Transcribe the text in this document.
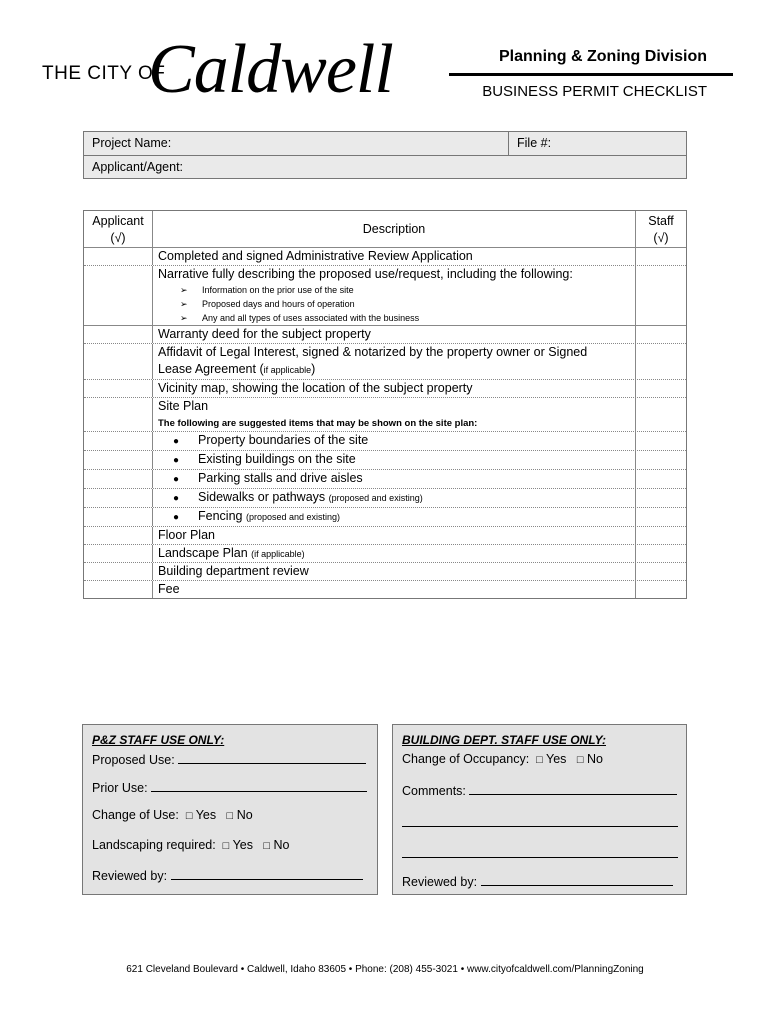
THE CITY OF
Caldwell	Planning & Zoning Division
BUSINESS PERMIT CHECKLIST
Project Name:	File #:
Applicant/Agent:
Applicant
(√)
Description
Staff
(√)
Completed and signed Administrative Review Application
Narrative fully describing the proposed use/request, including the following:
➢ Information on the prior use of the site
➢ Proposed days and hours of operation
➢ Any and all types of uses associated with the business
Warranty deed for the subject property
Affidavit of Legal Interest, signed & notarized by the property owner or Signed
Lease Agreement (if applicable)
Vicinity map, showing the location of the subject property
Site Plan
The following are suggested items that may be shown on the site plan:
● Property boundaries of the site
● Existing buildings on the site
● Parking stalls and drive aisles
● Sidewalks or pathways (proposed and existing)
● Fencing (proposed and existing)
Floor Plan
Landscape Plan (if applicable)
Building department review
Fee
P&Z STAFF USE ONLY:
Proposed Use:
Prior Use:
Change of Use: □ Yes □ No
Landscaping required: □ Yes □ No
Reviewed by:
BUILDING DEPT. STAFF USE ONLY:
Change of Occupancy: □ Yes □ No
Comments:
Reviewed by:
621 Cleveland Boulevard • Caldwell, Idaho 83605 • Phone: (208) 455-3021 • www.cityofcaldwell.com/PlanningZoning
